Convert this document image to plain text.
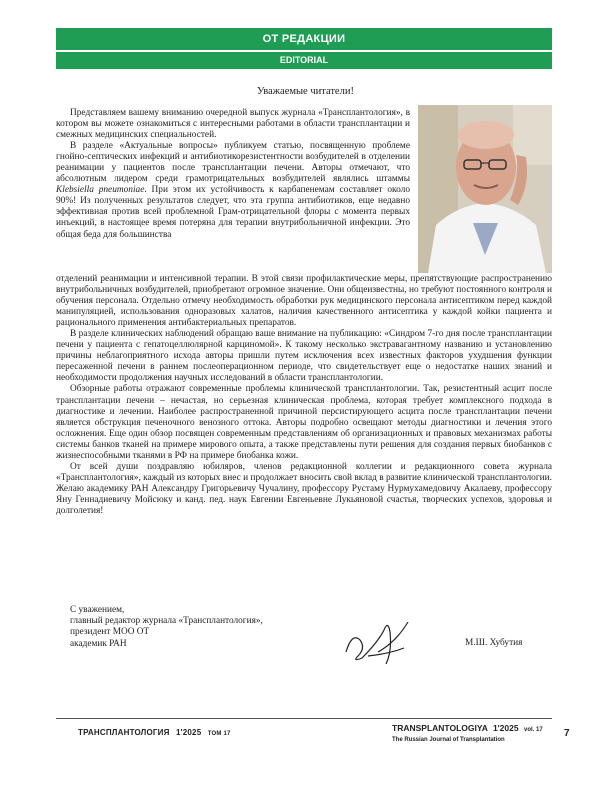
ОТ РЕДАКЦИИ
EDITORIAL
Уважаемые читатели!

Представляем вашему вниманию очередной выпуск журнала «Трансплантология», в котором вы можете ознакомиться с интересными работами в области трансплантации и смежных медицинских специальностей.

В разделе «Актуальные вопросы» публикуем статью, посвященную проблеме гнойно-септических инфекций и антибиотикорезистентности возбудителей в отделении реанимации у пациентов после трансплантации печени. Авторы отмечают, что абсолютным лидером среди грамотрицательных возбудителей являлись штаммы Klebsiella pneumoniae. При этом их устойчивость к карбапенемам составляет около 90%! Из полученных результатов следует, что эта группа антибиотиков, еще недавно эффективная против всей проблемной Грам-отрицательной флоры с момента первых инъекций, в настоящее время потеряна для терапии внутрибольничной инфекции. Это общая беда для большинства

отделений реанимации и интенсивной терапии. В этой связи профилактические меры, препятствующие распространению внутрибольничных возбудителей, приобретают огромное значение. Они общеизвестны, но требуют постоянного контроля и обучения персонала. Отдельно отмечу необходимость обработки рук медицинского персонала антисептиком перед каждой манипуляцией, использования одноразовых халатов, наличия качественного антисептика у каждой койки пациента и рационального применения антибактериальных препаратов.

В разделе клинических наблюдений обращаю ваше внимание на публикацию: «Синдром 7-го дня после трансплантации печени у пациента с гепатоцеллюлярной карциномой». К такому несколько экстравагантному названию и установлению причины неблагоприятного исхода авторы пришли путем исключения всех известных факторов ухудшения функции пересаженной печени в раннем послеоперационном периоде, что свидетельствует еще о недостатке наших знаний и необходимости продолжения научных исследований в области трансплантологии.

Обзорные работы отражают современные проблемы клинической трансплантологии. Так, резистентный асцит после трансплантации печени – нечастая, но серьезная клиническая проблема, которая требует комплексного подхода в диагностике и лечении. Наиболее распространенной причиной персистирующего асцита после трансплантации печени является обструкция печеночного венозного оттока. Авторы подробно освещают методы диагностики и лечения этого осложнения. Еще один обзор посвящен современным представлениям об организационных и правовых механизмах работы системы банков тканей на примере мирового опыта, а также представлены пути решения для создания первых биобанков с жизнеспособными тканями в РФ на примере биобанка кожи.

От всей души поздравляю юбиляров, членов редакционной коллегии и редакционного совета журнала «Трансплантология», каждый из которых внес и продолжает вносить свой вклад в развитие клинической трансплантологии. Желаю академику РАН Александру Григорьевичу Чучалину, профессору Рустаму Нурмухамедовичу Акалаеву, профессору Яну Геннадиевичу Мойсюку и канд. пед. наук Евгении Евгеньевне Лукьяновой счастья, творческих успехов, здоровья и долголетия!

С уважением,
главный редактор журнала «Трансплантология»,
президент МОО ОТ
академик РАН	М.Ш. Хубутия
ТРАНСПЛАНТОЛОГИЯ 1'2025 ТОМ 17
TRANSPLANTOLOGIYA 1'2025 vol. 17
The Russian Journal of Transplantation
7
